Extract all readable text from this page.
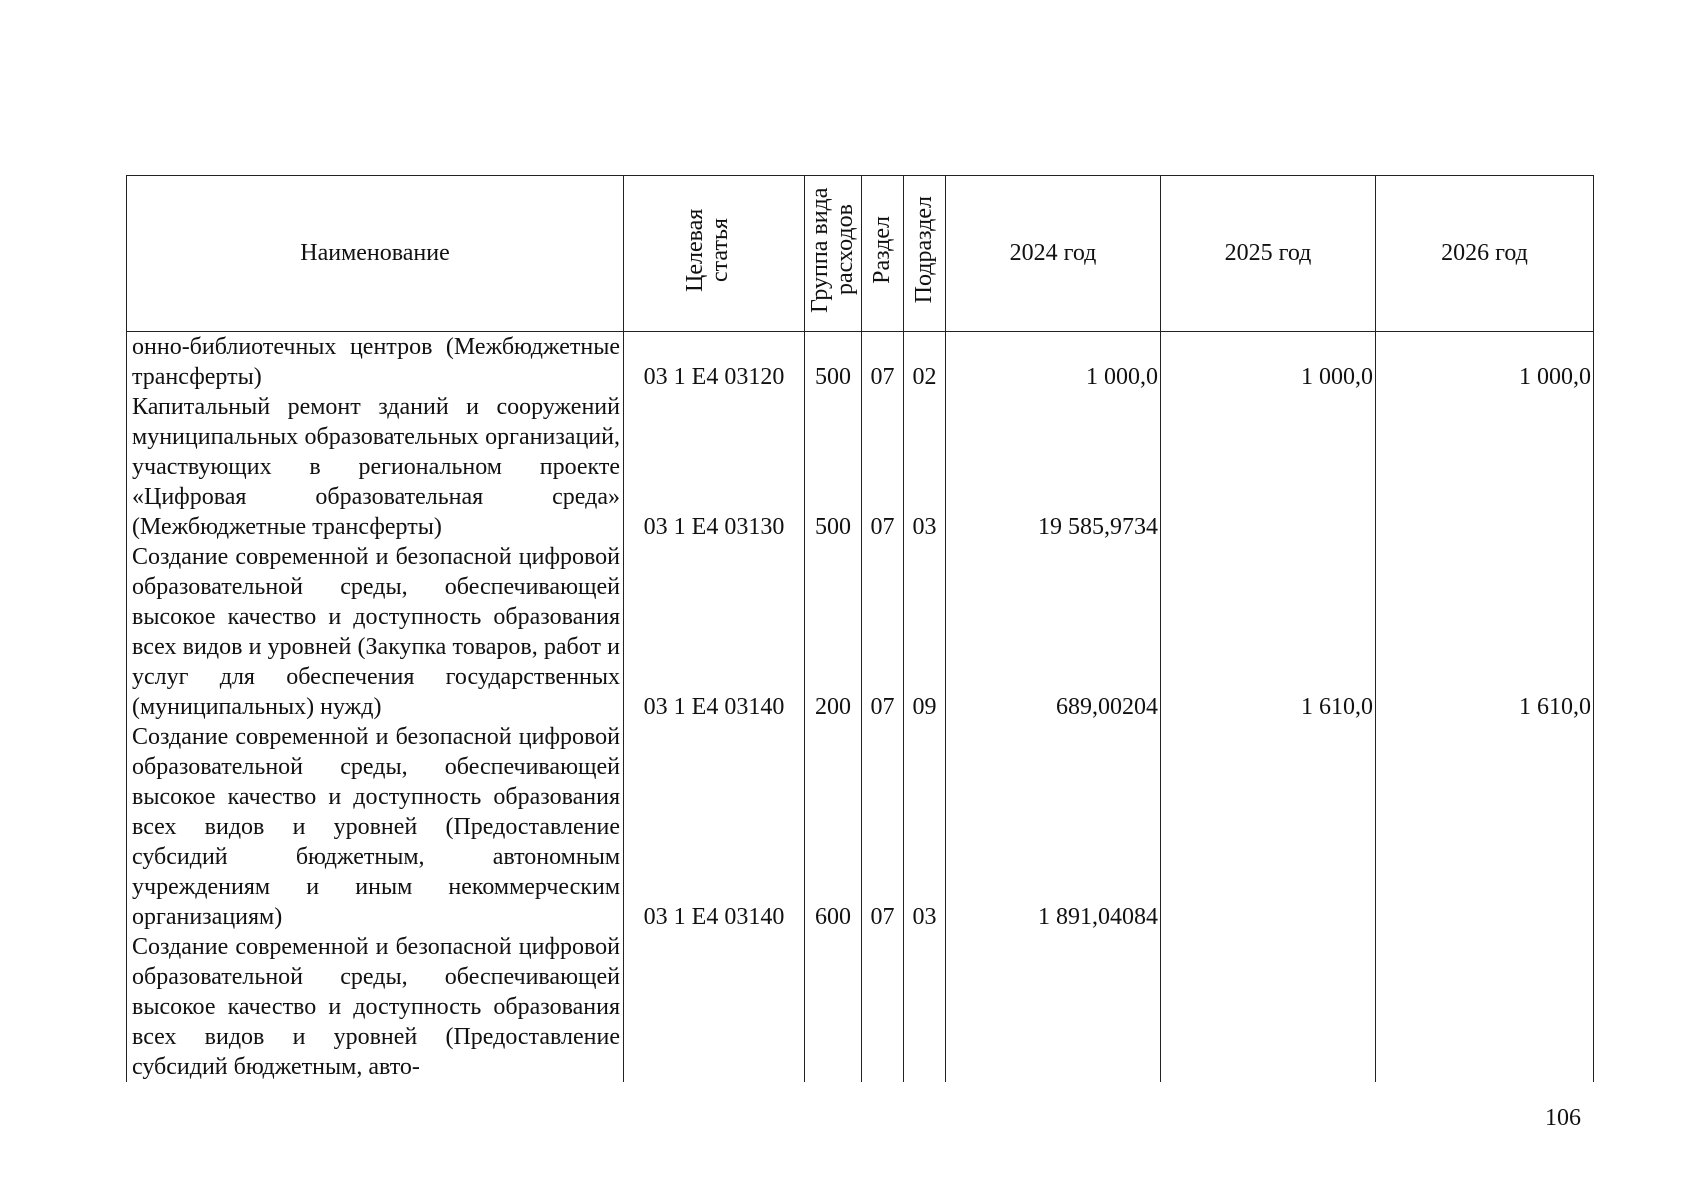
Наименование	Целевая статья	Группа вида расходов	Раздел	Подраздел	2024 год	2025 год	2026 год
онно-библиотечных центров (Межбюджетные трансферты)	03 1 Е4 03120	500	07	02	1 000,0	1 000,0	1 000,0
Капитальный ремонт зданий и сооружений муниципальных образовательных организаций, участвующих в региональном проекте «Цифровая образовательная среда» (Межбюджетные трансферты)	03 1 Е4 03130	500	07	03	19 585,9734		
Создание современной и безопасной цифровой образовательной среды, обеспечивающей высокое качество и доступность образования всех видов и уровней (Закупка товаров, работ и услуг для обеспечения государственных (муниципальных) нужд)	03 1 Е4 03140	200	07	09	689,00204	1 610,0	1 610,0
Создание современной и безопасной цифровой образовательной среды, обеспечивающей высокое качество и доступность образования всех видов и уровней (Предоставление субсидий бюджетным, автономным учреждениям и иным некоммерческим организациям)	03 1 Е4 03140	600	07	03	1 891,04084		
Создание современной и безопасной цифровой образовательной среды, обеспечивающей высокое качество и доступность образования всех видов и уровней (Предоставление субсидий бюджетным, авто-							
106
